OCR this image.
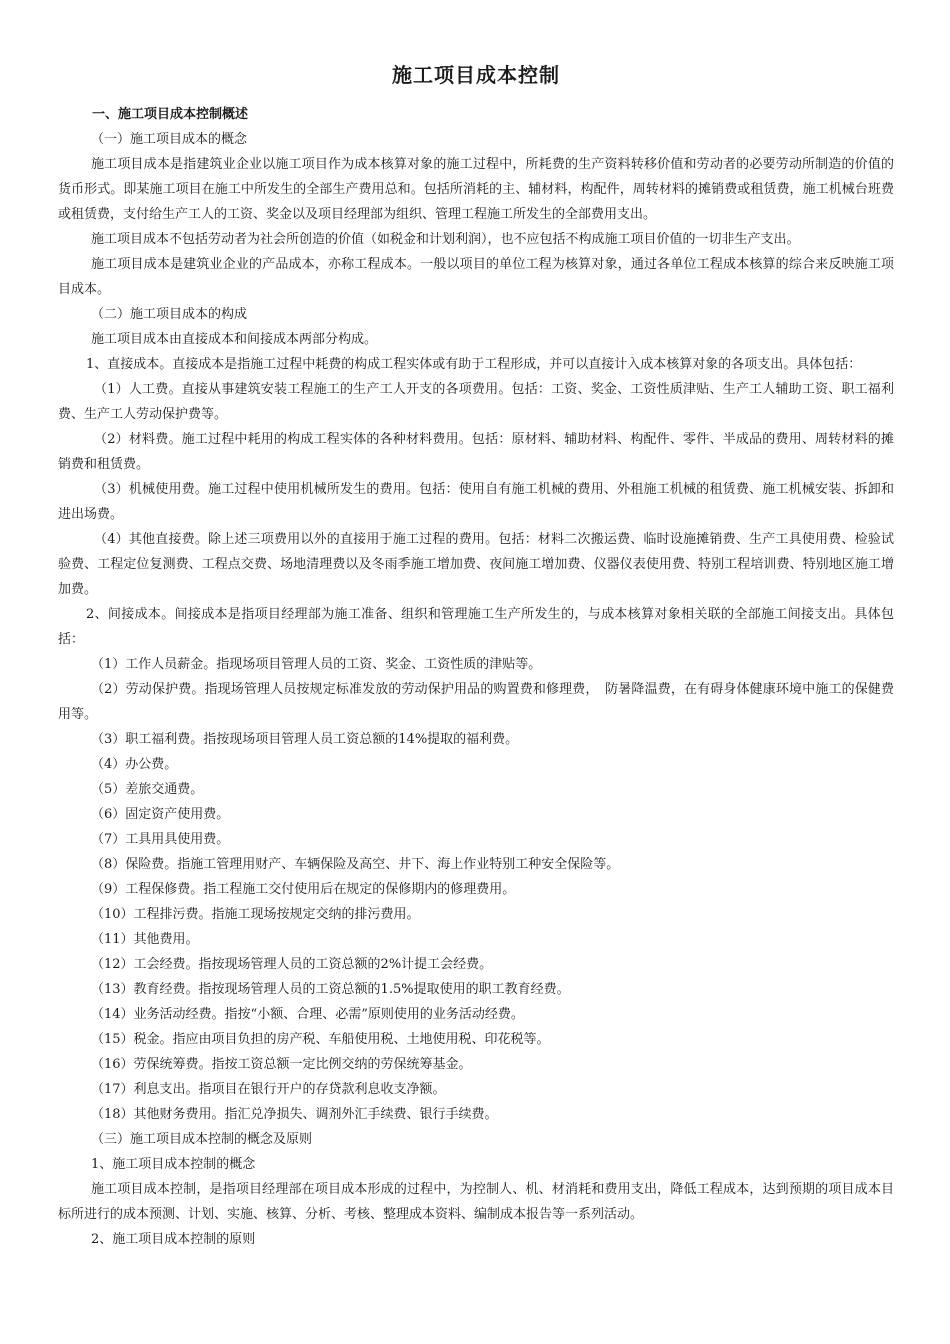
施工项目成本控制

一、施工项目成本控制概述

（一）施工项目成本的概念

施工项目成本是指建筑业企业以施工项目作为成本核算对象的施工过程中，所耗费的生产资料转移价值和劳动者的必要劳动所制造的价值的货币形式。即某施工项目在施工中所发生的全部生产费用总和。包括所消耗的主、辅材料，构配件，周转材料的摊销费或租赁费，施工机械台班费或租赁费，支付给生产工人的工资、奖金以及项目经理部为组织、管理工程施工所发生的全部费用支出。

施工项目成本不包括劳动者为社会所创造的价值（如税金和计划利润），也不应包括不构成施工项目价值的一切非生产支出。

施工项目成本是建筑业企业的产品成本，亦称工程成本。一般以项目的单位工程为核算对象，通过各单位工程成本核算的综合来反映施工项目成本。

（二）施工项目成本的构成

施工项目成本由直接成本和间接成本两部分构成。

1、直接成本。直接成本是指施工过程中耗费的构成工程实体或有助于工程形成，并可以直接计入成本核算对象的各项支出。具体包括：

（1）人工费。直接从事建筑安装工程施工的生产工人开支的各项费用。包括：工资、奖金、工资性质津贴、生产工人辅助工资、职工福利费、生产工人劳动保护费等。

（2）材料费。施工过程中耗用的构成工程实体的各种材料费用。包括：原材料、辅助材料、构配件、零件、半成品的费用、周转材料的摊销费和租赁费。

（3）机械使用费。施工过程中使用机械所发生的费用。包括：使用自有施工机械的费用、外租施工机械的租赁费、施工机械安装、拆卸和进出场费。

（4）其他直接费。除上述三项费用以外的直接用于施工过程的费用。包括：材料二次搬运费、临时设施摊销费、生产工具使用费、检验试验费、工程定位复测费、工程点交费、场地清理费以及冬雨季施工增加费、夜间施工增加费、仪器仪表使用费、特别工程培训费、特别地区施工增加费。

2、间接成本。间接成本是指项目经理部为施工准备、组织和管理施工生产所发生的，与成本核算对象相关联的全部施工间接支出。具体包括：

（1）工作人员薪金。指现场项目管理人员的工资、奖金、工资性质的津贴等。

（2）劳动保护费。指现场管理人员按规定标准发放的劳动保护用品的购置费和修理费，　防暑降温费，在有碍身体健康环境中施工的保健费用等。

（3）职工福利费。指按现场项目管理人员工资总额的14%提取的福利费。

（4）办公费。

（5）差旅交通费。

（6）固定资产使用费。

（7）工具用具使用费。

（8）保险费。指施工管理用财产、车辆保险及高空、井下、海上作业特别工种安全保险等。

（9）工程保修费。指工程施工交付使用后在规定的保修期内的修理费用。

（10）工程排污费。指施工现场按规定交纳的排污费用。

（11）其他费用。

（12）工会经费。指按现场管理人员的工资总额的2%计提工会经费。

（13）教育经费。指按现场管理人员的工资总额的1.5%提取使用的职工教育经费。

（14）业务活动经费。指按“小额、合理、必需”原则使用的业务活动经费。

（15）税金。指应由项目负担的房产税、车船使用税、土地使用税、印花税等。

（16）劳保统筹费。指按工资总额一定比例交纳的劳保统筹基金。

（17）利息支出。指项目在银行开户的存贷款利息收支净额。

（18）其他财务费用。指汇兑净损失、调剂外汇手续费、银行手续费。

（三）施工项目成本控制的概念及原则

1、施工项目成本控制的概念

施工项目成本控制，是指项目经理部在项目成本形成的过程中，为控制人、机、材消耗和费用支出，降低工程成本，达到预期的项目成本目标所进行的成本预测、计划、实施、核算、分析、考核、整理成本资料、编制成本报告等一系列活动。

2、施工项目成本控制的原则
